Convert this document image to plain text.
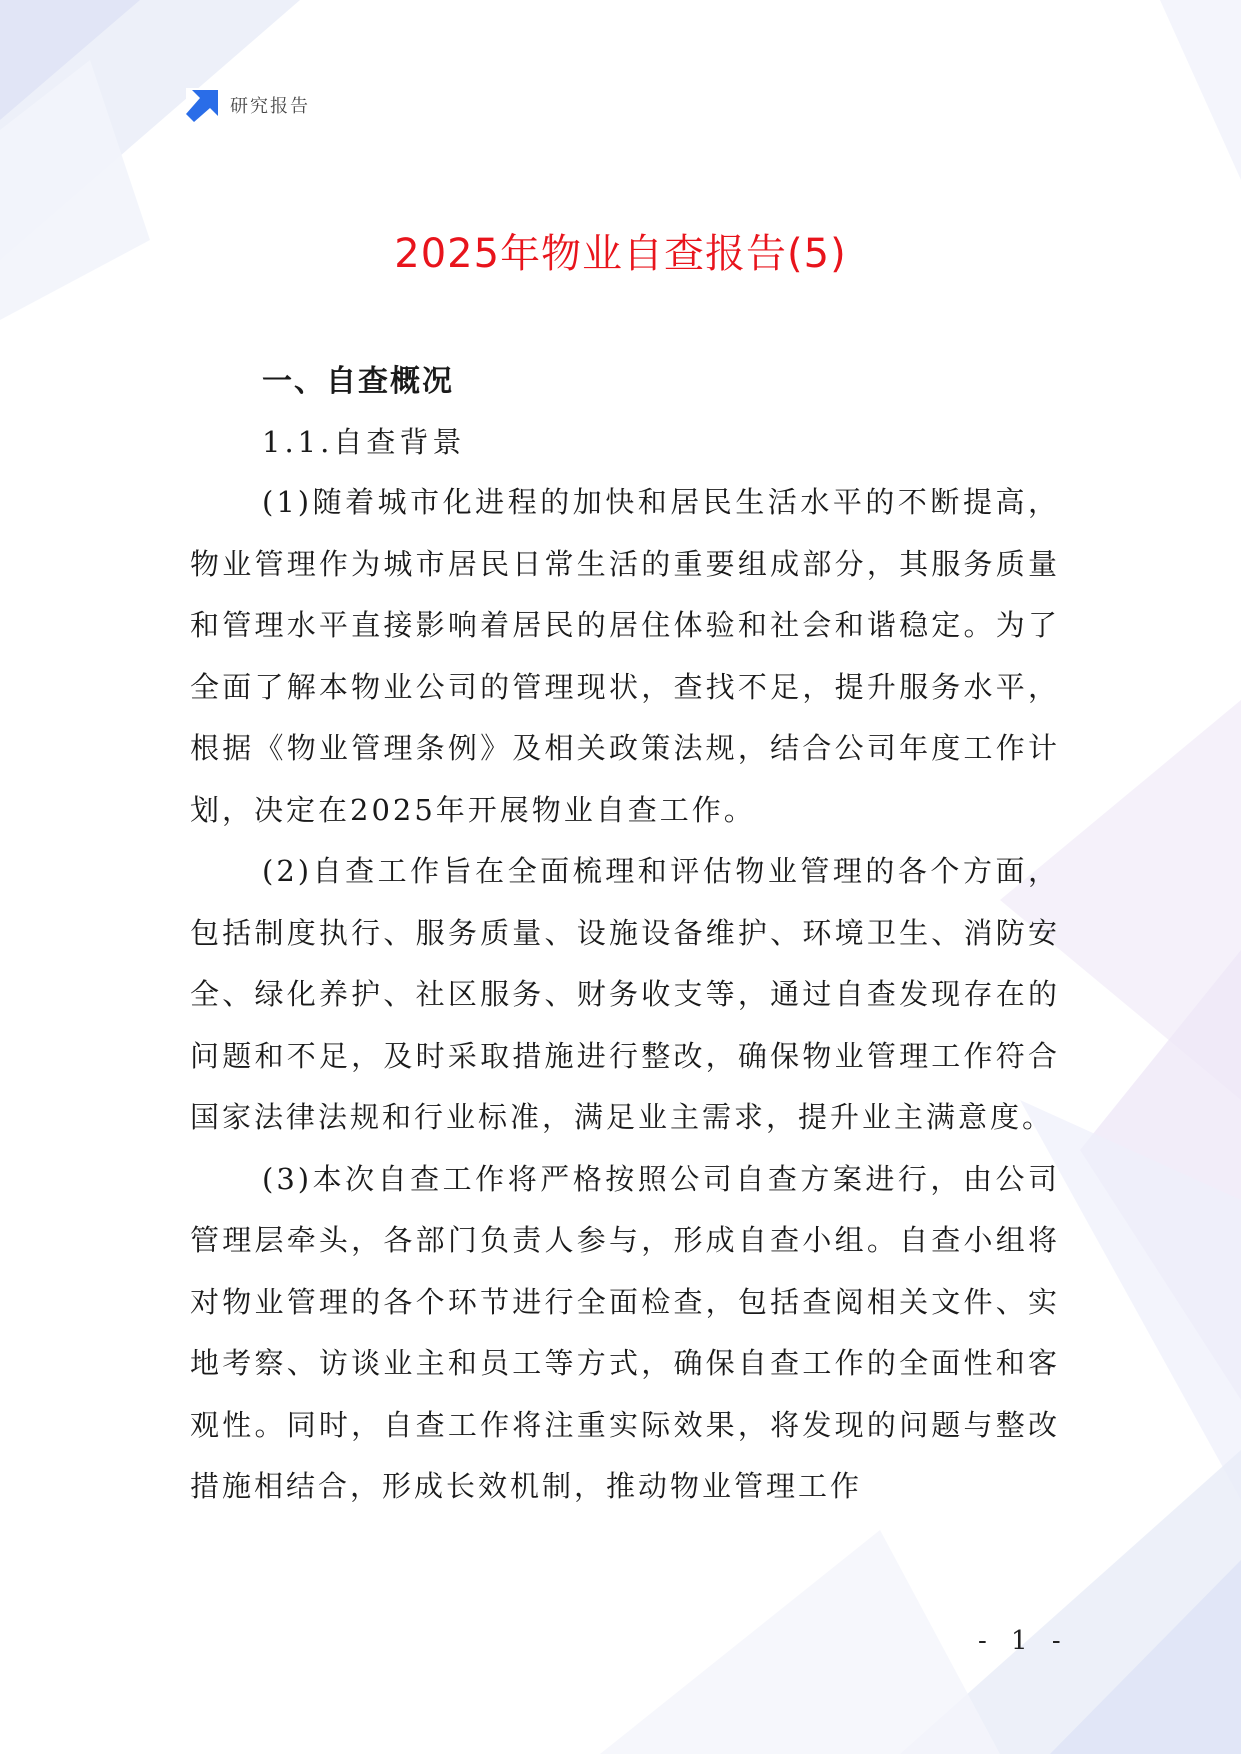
研究报告
2025年物业自查报告(5)
一、自查概况
1.1.自查背景

(1)随着城市化进程的加快和居民生活水平的不断提高，物业管理作为城市居民日常生活的重要组成部分，其服务质量和管理水平直接影响着居民的居住体验和社会和谐稳定。为了全面了解本物业公司的管理现状，查找不足，提升服务水平，根据《物业管理条例》及相关政策法规，结合公司年度工作计划，决定在2025年开展物业自查工作。

(2)自查工作旨在全面梳理和评估物业管理的各个方面，包括制度执行、服务质量、设施设备维护、环境卫生、消防安全、绿化养护、社区服务、财务收支等，通过自查发现存在的问题和不足，及时采取措施进行整改，确保物业管理工作符合国家法律法规和行业标准，满足业主需求，提升业主满意度。

(3)本次自查工作将严格按照公司自查方案进行，由公司管理层牵头，各部门负责人参与，形成自查小组。自查小组将对物业管理的各个环节进行全面检查，包括查阅相关文件、实地考察、访谈业主和员工等方式，确保自查工作的全面性和客观性。同时，自查工作将注重实际效果，将发现的问题与整改措施相结合，形成长效机制，推动物业管理工作

- 1 -
